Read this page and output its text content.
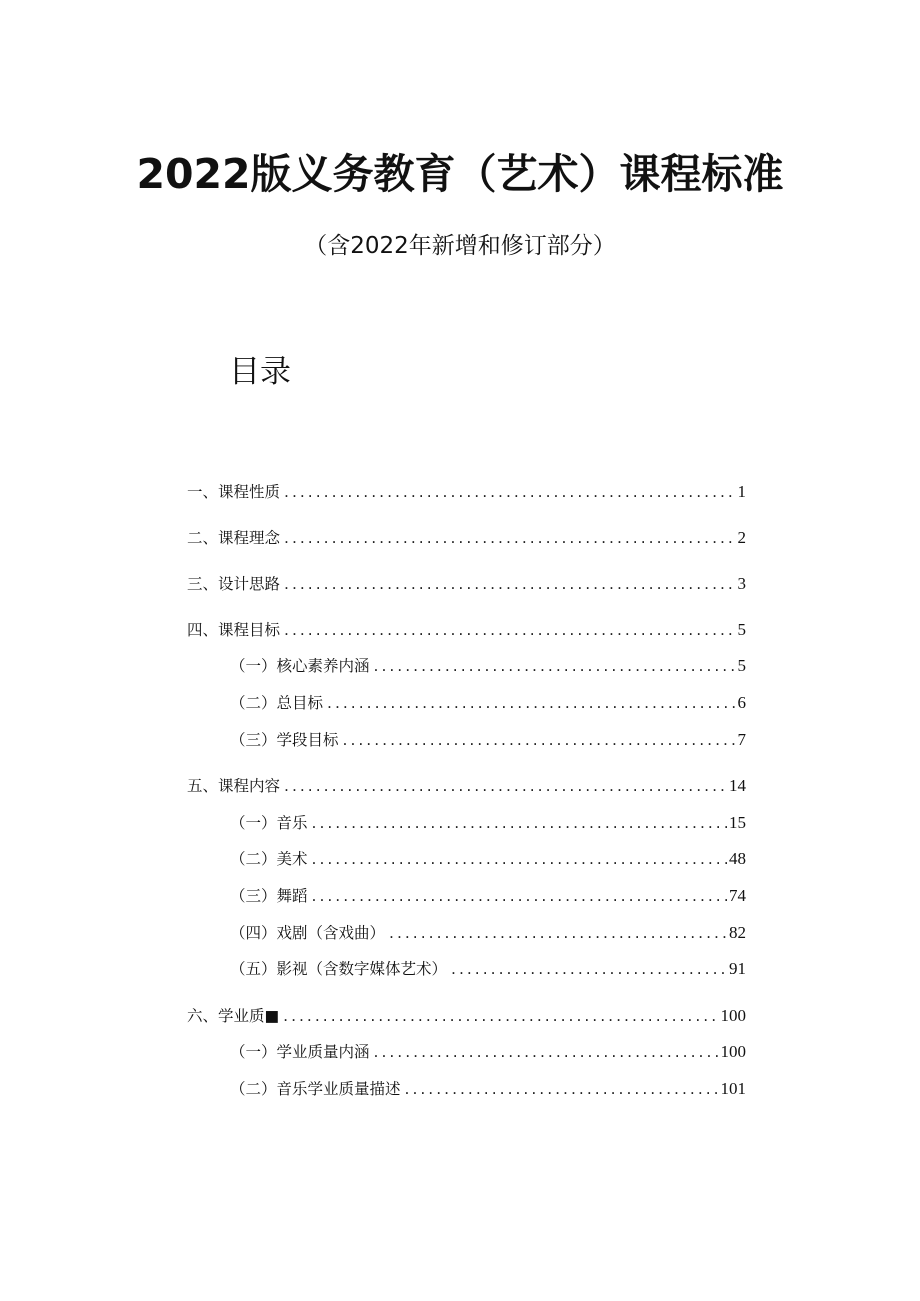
2022版义务教育（艺术）课程标准
（含2022年新增和修订部分）
目录
一、课程性质 .....	1
二、课程理念 .....	2
三、设计思路 .....	3
四、课程目标 .....	5
（一）核心素养内涵 .....	5
（二）总目标 .....	6
（三）学段目标 .....	7
五、课程内容 .....	14
（一）音乐 .....	15
（二）美术 .....	48
（三）舞蹈 .....	74
（四）戏剧（含戏曲） .....	82
（五）影视（含数字媒体艺术） .....	91
六、学业质■ .....	100
（一）学业质量内涵 .....	100
（二）音乐学业质量描述 .....	101
